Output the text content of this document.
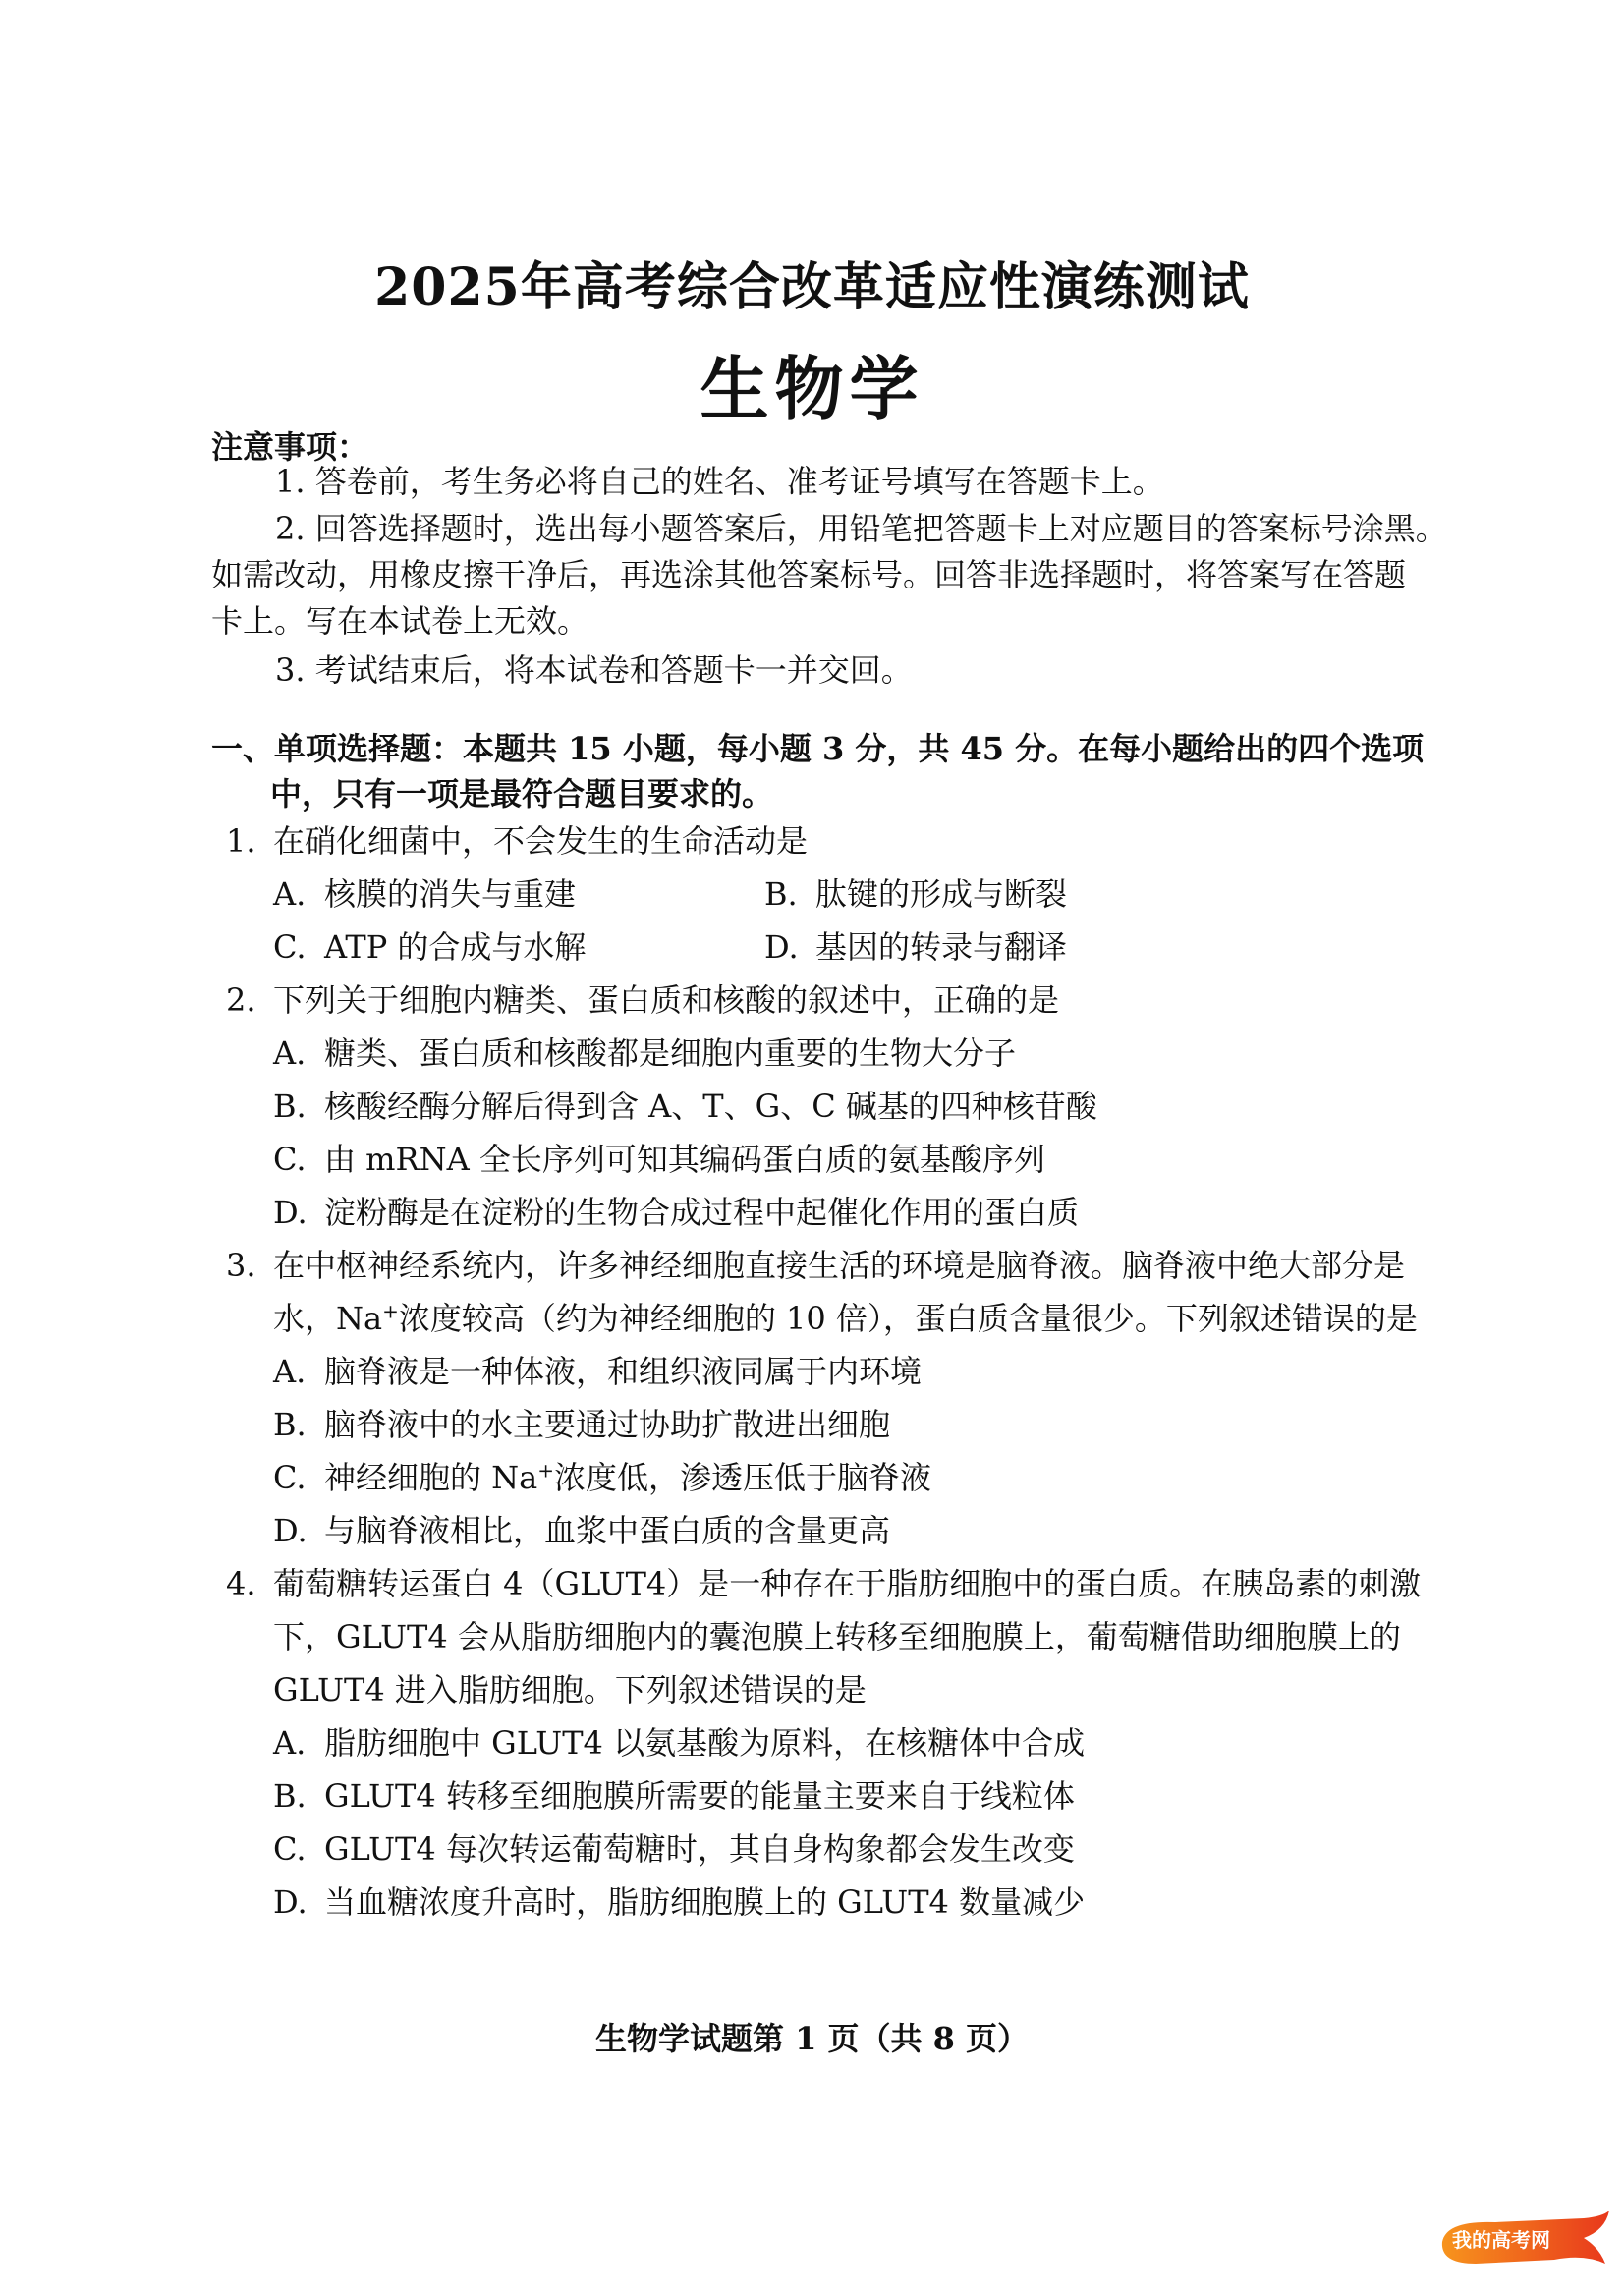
2025年高考综合改革适应性演练测试
生物学
注意事项：
1. 答卷前，考生务必将自己的姓名、准考证号填写在答题卡上。
2. 回答选择题时，选出每小题答案后，用铅笔把答题卡上对应题目的答案标号涂黑。
如需改动，用橡皮擦干净后，再选涂其他答案标号。回答非选择题时，将答案写在答题
卡上。写在本试卷上无效。
3. 考试结束后，将本试卷和答题卡一并交回。
一、单项选择题：本题共 15 小题，每小题 3 分，共 45 分。在每小题给出的四个选项
中，只有一项是最符合题目要求的。
1. 在硝化细菌中，不会发生的生命活动是
A. 核膜的消失与重建	B. 肽键的形成与断裂
C. ATP 的合成与水解	D. 基因的转录与翻译
2. 下列关于细胞内糖类、蛋白质和核酸的叙述中，正确的是
A. 糖类、蛋白质和核酸都是细胞内重要的生物大分子
B. 核酸经酶分解后得到含 A、T、G、C 碱基的四种核苷酸
C. 由 mRNA 全长序列可知其编码蛋白质的氨基酸序列
D. 淀粉酶是在淀粉的生物合成过程中起催化作用的蛋白质
3. 在中枢神经系统内，许多神经细胞直接生活的环境是脑脊液。脑脊液中绝大部分是
水，Na+浓度较高（约为神经细胞的 10 倍），蛋白质含量很少。下列叙述错误的是
A. 脑脊液是一种体液，和组织液同属于内环境
B. 脑脊液中的水主要通过协助扩散进出细胞
C. 神经细胞的 Na+浓度低，渗透压低于脑脊液
D. 与脑脊液相比，血浆中蛋白质的含量更高
4. 葡萄糖转运蛋白 4（GLUT4）是一种存在于脂肪细胞中的蛋白质。在胰岛素的刺激
下，GLUT4 会从脂肪细胞内的囊泡膜上转移至细胞膜上，葡萄糖借助细胞膜上的
GLUT4 进入脂肪细胞。下列叙述错误的是
A. 脂肪细胞中 GLUT4 以氨基酸为原料，在核糖体中合成
B. GLUT4 转移至细胞膜所需要的能量主要来自于线粒体
C. GLUT4 每次转运葡萄糖时，其自身构象都会发生改变
D. 当血糖浓度升高时，脂肪细胞膜上的 GLUT4 数量减少
生物学试题第 1 页（共 8 页）
我的高考网
